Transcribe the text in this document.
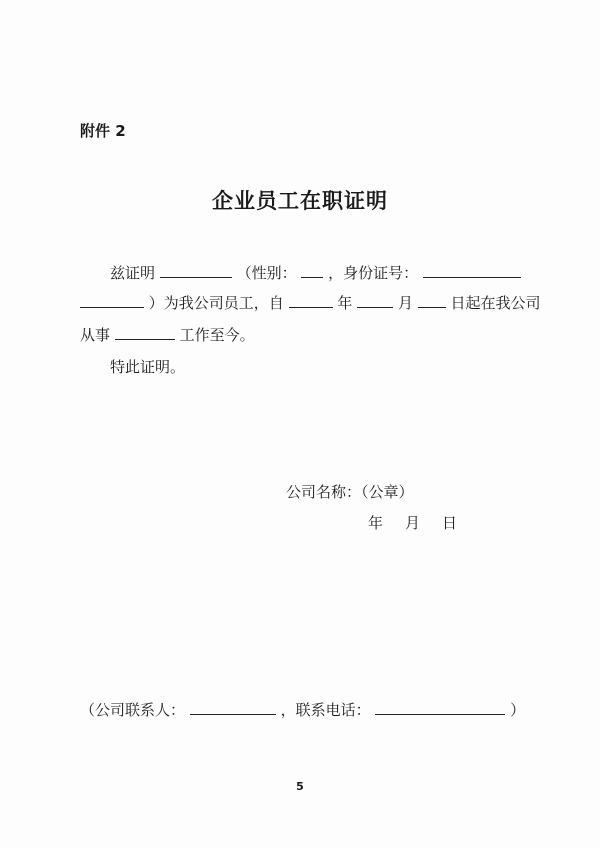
附件 2
企业员工在职证明
兹证明	（性别： ，身份证号：
）为我公司员工，自	年	月	日起在我公司
从事	工作至今。
特此证明。
公司名称：（公章）
年 月 日
（公司联系人：	，联系电话：	）
5
